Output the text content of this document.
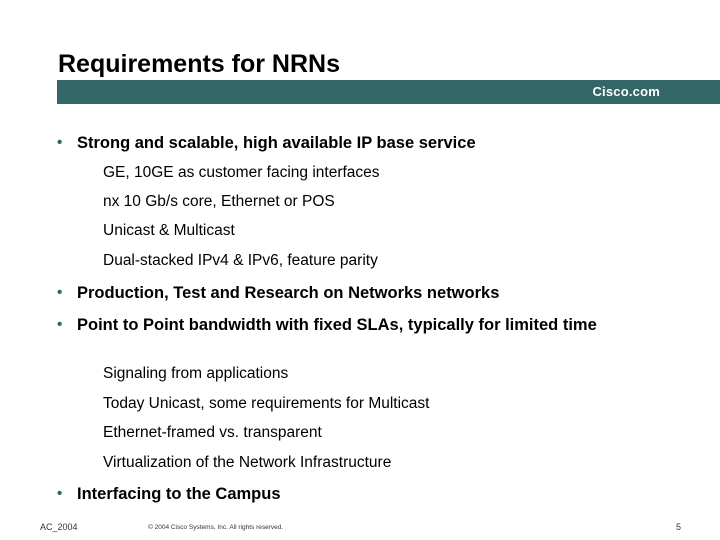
Requirements for NRNs
Cisco.com
• Strong and scalable, high available IP base service
GE, 10GE as customer facing interfaces
nx 10 Gb/s core, Ethernet or POS
Unicast & Multicast
Dual-stacked IPv4 & IPv6, feature parity
• Production, Test and Research on Networks networks
• Point to Point bandwidth with fixed SLAs, typically for limited time
Signaling from applications
Today Unicast, some requirements for Multicast
Ethernet-framed vs. transparent
Virtualization of the Network Infrastructure
• Interfacing to the Campus
AC_2004	© 2004 Cisco Systems, Inc. All rights reserved.	5
